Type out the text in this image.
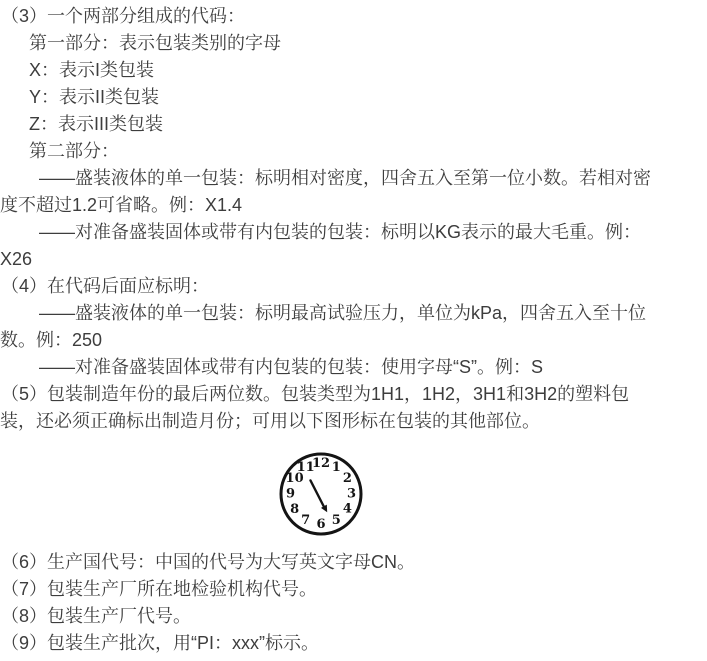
（3）一个两部分组成的代码：
第一部分：表示包装类别的字母
X：表示I类包装
Y：表示II类包装
Z：表示III类包装
第二部分：
——盛装液体的单一包装：标明相对密度，四舍五入至第一位小数。若相对密
度不超过1.2可省略。例：X1.4
——对准备盛装固体或带有内包装的包装：标明以KG表示的最大毛重。例：
X26
（4）在代码后面应标明：
——盛装液体的单一包装：标明最高试验压力，单位为kPa，四舍五入至十位
数。例：250
——对准备盛装固体或带有内包装的包装：使用字母“S”。例：S
（5）包装制造年份的最后两位数。包装类型为1H1，1H2，3H1和3H2的塑料包
装，还必须正确标出制造月份；可用以下图形标在包装的其他部位。
1
2
3
4
5
6
7
8
9
10
11
12
（6）生产国代号：中国的代号为大写英文字母CN。
（7）包装生产厂所在地检验机构代号。
（8）包装生产厂代号。
（9）包装生产批次，用“PI：xxx”标示。
